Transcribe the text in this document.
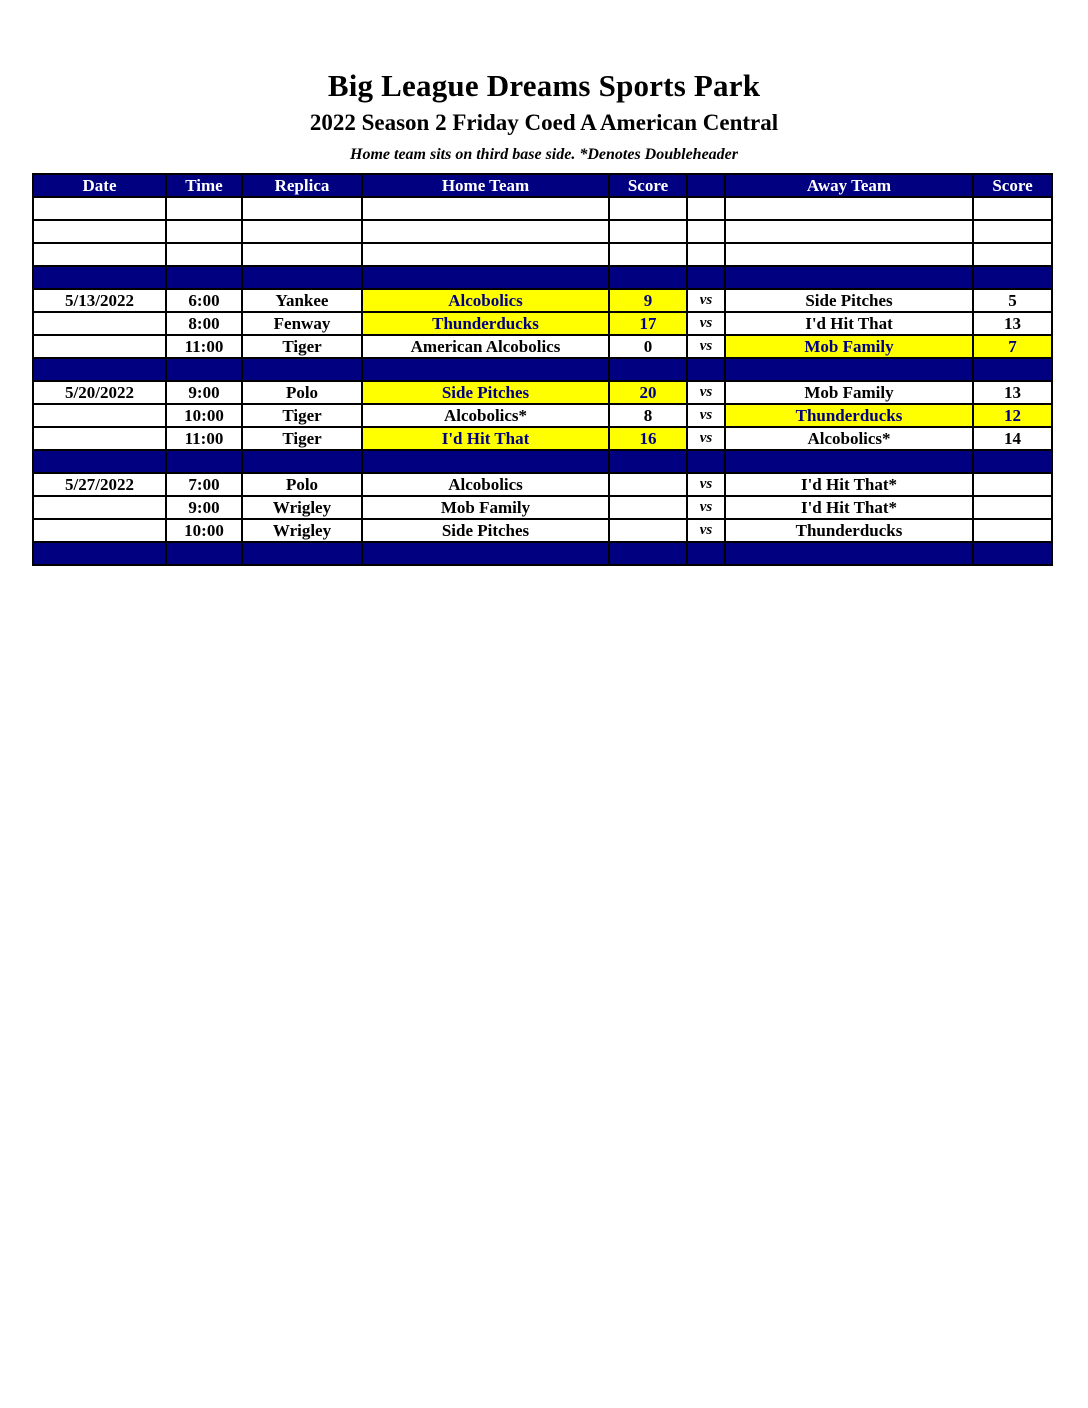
Big League Dreams Sports Park
2022 Season 2 Friday Coed A American Central
Home team sits on third base side. *Denotes Doubleheader
Date	Time	Replica	Home Team	Score		Away Team	Score

5/13/2022	6:00	Yankee	Alcobolics	9	vs	Side Pitches	5
	8:00	Fenway	Thunderducks	17	vs	I'd Hit That	13
	11:00	Tiger	American Alcobolics	0	vs	Mob Family	7

5/20/2022	9:00	Polo	Side Pitches	20	vs	Mob Family	13
	10:00	Tiger	Alcobolics*	8	vs	Thunderducks	12
	11:00	Tiger	I'd Hit That	16	vs	Alcobolics*	14

5/27/2022	7:00	Polo	Alcobolics		vs	I'd Hit That*	
	9:00	Wrigley	Mob Family		vs	I'd Hit That*	
	10:00	Wrigley	Side Pitches		vs	Thunderducks	
